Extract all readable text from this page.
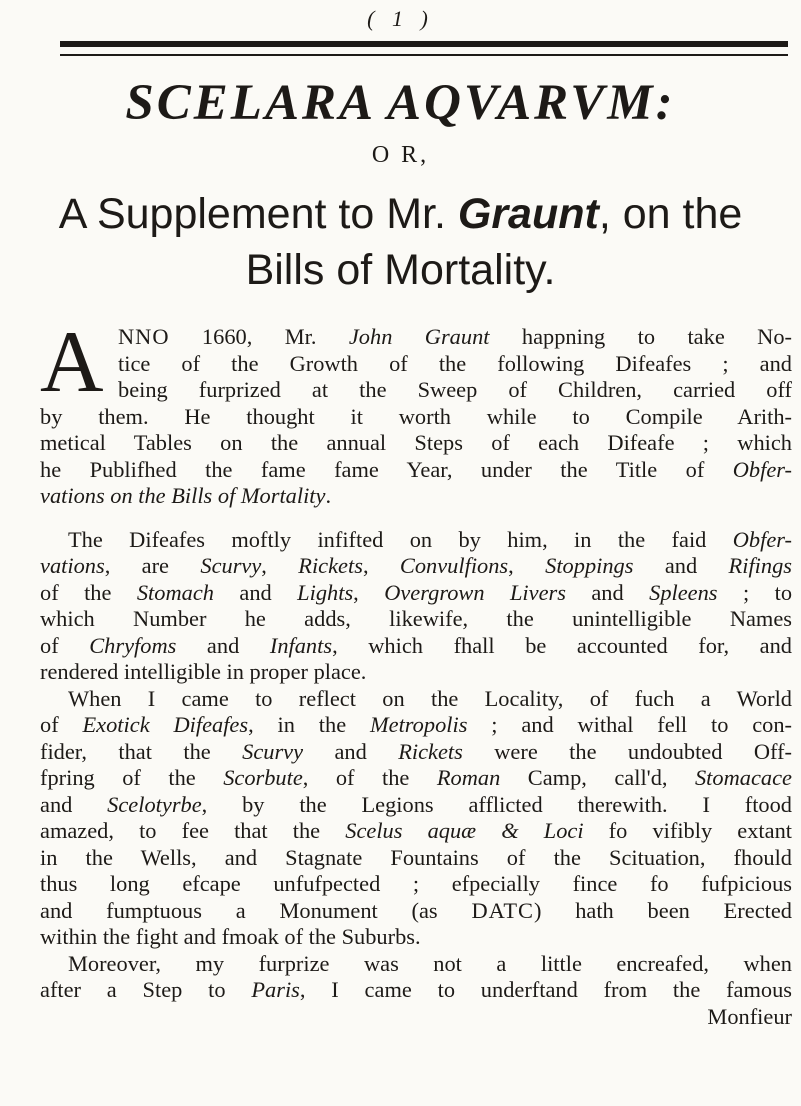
( 1 )
SCELARA AQVARVM:
O R,
A Supplement to Mr. Graunt, on the
Bills of Mortality.
A NNO 1660, Mr. John Graunt happning to take No-
tice of the Growth of the following Difeafes ; and
being furprized at the Sweep of Children, carried off
by them. He thought it worth while to Compile Arith-
metical Tables on the annual Steps of each Difeafe ; which
he Publifhed the fame fame Year, under the Title of Obfer-
vations on the Bills of Mortality.
The Difeafes moftly infifted on by him, in the faid Obfer-
vations, are Scurvy, Rickets, Convulfions, Stoppings and Rifings
of the Stomach and Lights, Overgrown Livers and Spleens ; to
which Number he adds, likewife, the unintelligible Names
of Chryfoms and Infants, which fhall be accounted for, and
rendered intelligible in proper place.
When I came to reflect on the Locality, of fuch a World
of Exotick Difeafes, in the Metropolis ; and withal fell to con-
fider, that the Scurvy and Rickets were the undoubted Off-
fpring of the Scorbute, of the Roman Camp, call'd, Stomacace
and Scelotyrbe, by the Legions afflicted therewith. I ftood
amazed, to fee that the Scelus aquæ & Loci fo vifibly extant
in the Wells, and Stagnate Fountains of the Scituation, fhould
thus long efcape unfufpected ; efpecially fince fo fufpicious
and fumptuous a Monument (as DATC) hath been Erected
within the fight and fmoak of the Suburbs.
Moreover, my furprize was not a little encreafed, when
after a Step to Paris, I came to underftand from the famous
Monfieur
